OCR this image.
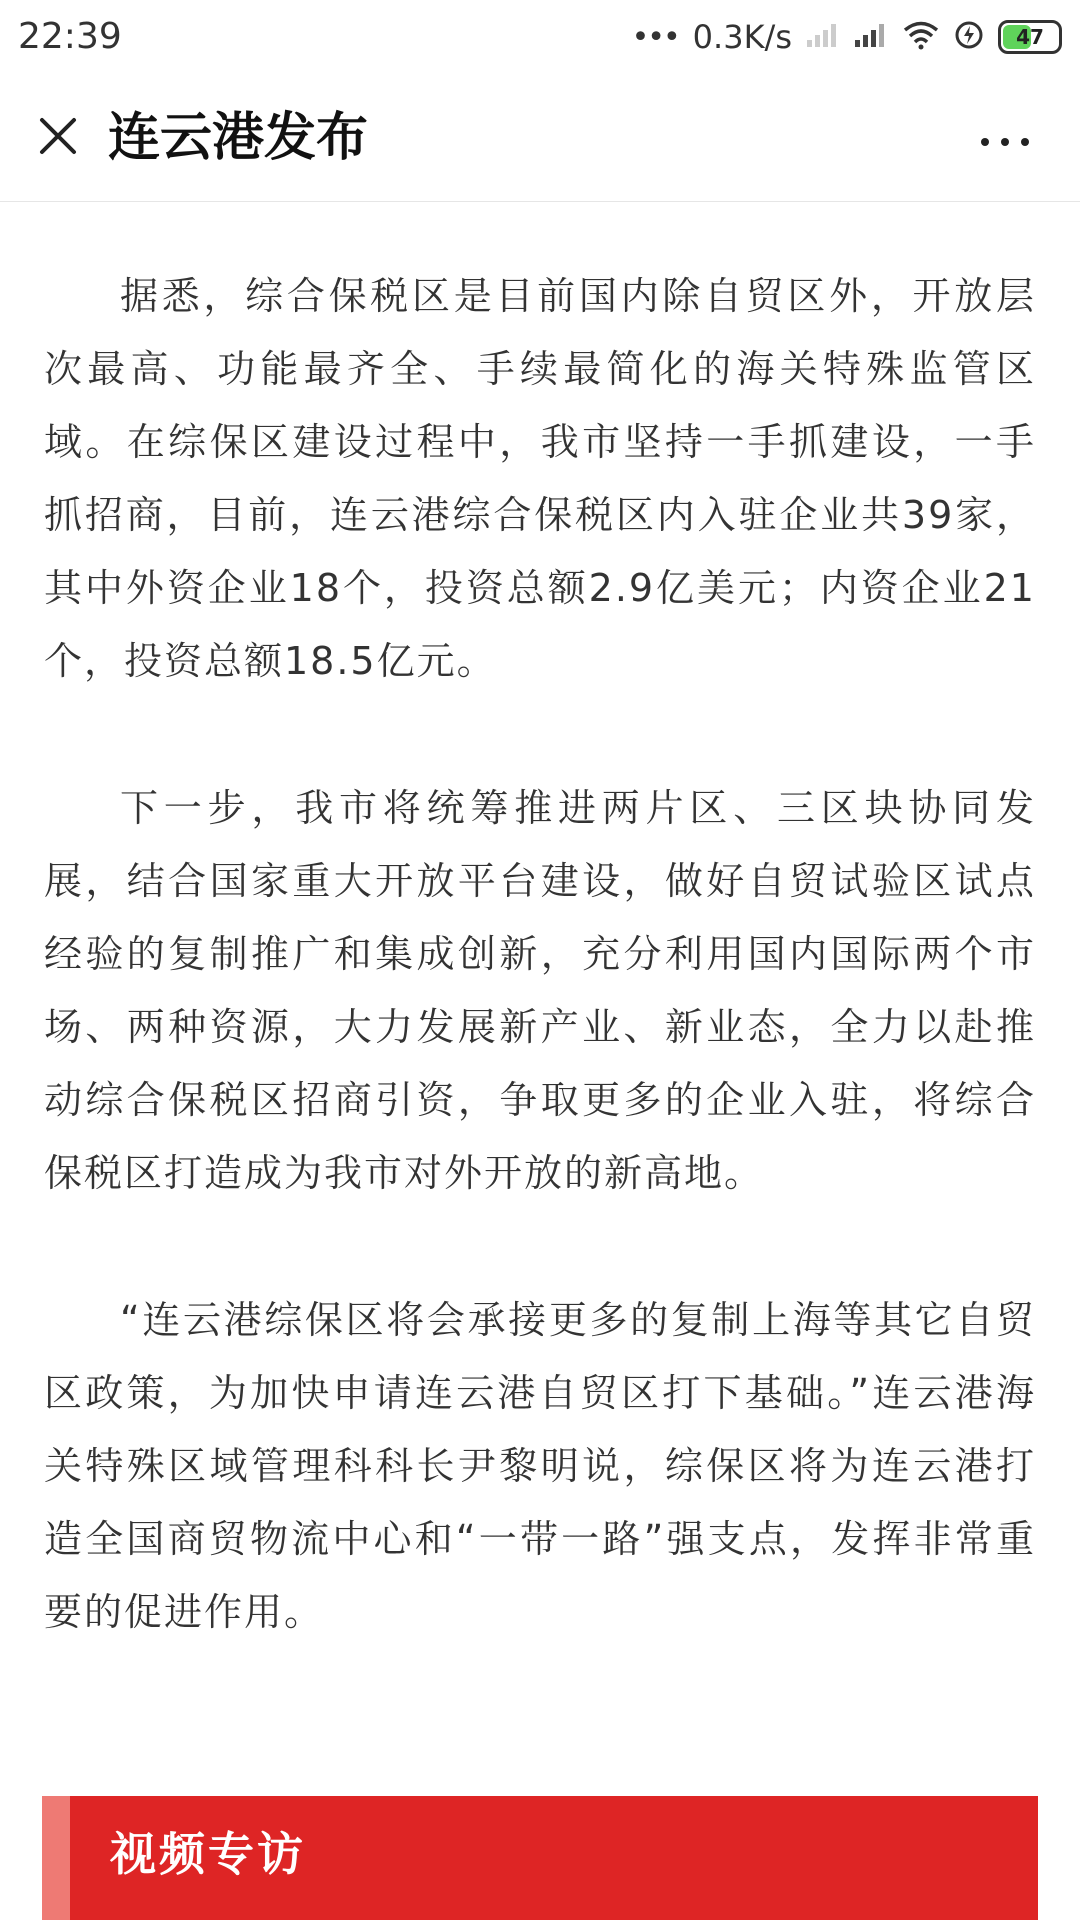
22:39	••• 0.3K/s	47
连云港发布

据悉，综合保税区是目前国内除自贸区外，开放层次最高、功能最齐全、手续最简化的海关特殊监管区域。在综保区建设过程中，我市坚持一手抓建设，一手抓招商，目前，连云港综合保税区内入驻企业共39家，其中外资企业18个，投资总额2.9亿美元；内资企业21个，投资总额18.5亿元。

下一步，我市将统筹推进两片区、三区块协同发展，结合国家重大开放平台建设，做好自贸试验区试点经验的复制推广和集成创新，充分利用国内国际两个市场、两种资源，大力发展新产业、新业态，全力以赴推动综合保税区招商引资，争取更多的企业入驻，将综合保税区打造成为我市对外开放的新高地。

“连云港综保区将会承接更多的复制上海等其它自贸区政策，为加快申请连云港自贸区打下基础。”连云港海关特殊区域管理科科长尹黎明说，综保区将为连云港打造全国商贸物流中心和“一带一路”强支点，发挥非常重要的促进作用。

视频专访
